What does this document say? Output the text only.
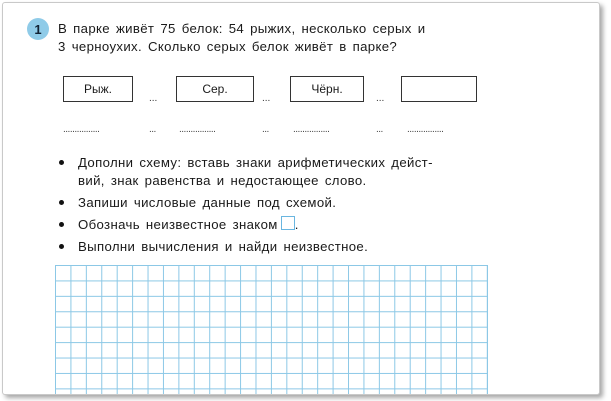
1 В парке живёт 75 белок: 54 рыжих, несколько серых и
3 черноухих. Сколько серых белок живёт в парке?
Рыж.
...
Сер.
...
Чёрн.
...
................	... ................	... ................	... ................
Дополни схему: вставь знаки арифметических дейст-
вий, знак равенства и недостающее слово.
Запиши числовые данные под схемой.
Обозначь неизвестное знаком .
Выполни вычисления и найди неизвестное.
